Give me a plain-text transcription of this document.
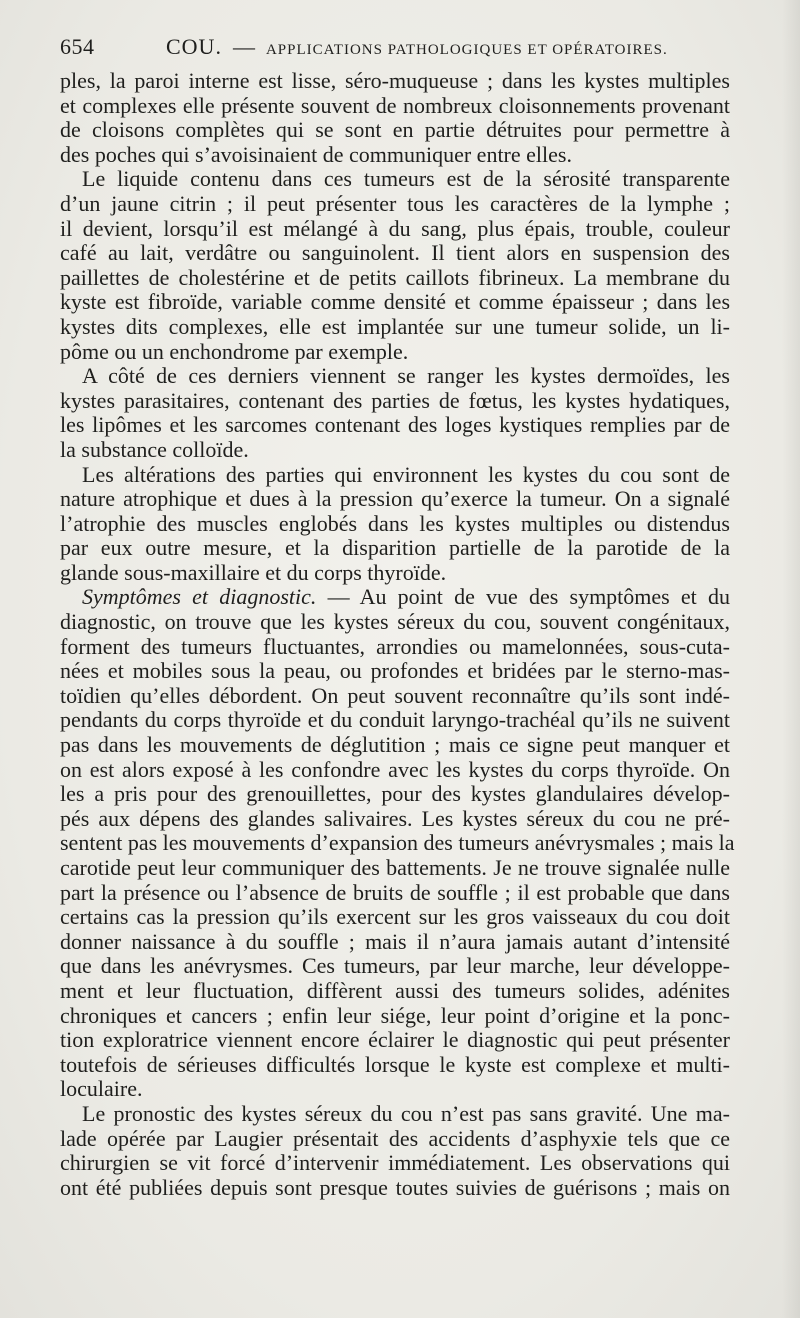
654	COU. — APPLICATIONS PATHOLOGIQUES ET OPÉRATOIRES.
ples, la paroi interne est lisse, séro-muqueuse ; dans les kystes multiples
et complexes elle présente souvent de nombreux cloisonnements provenant
de cloisons complètes qui se sont en partie détruites pour permettre à
des poches qui s’avoisinaient de communiquer entre elles.
Le liquide contenu dans ces tumeurs est de la sérosité transparente
d’un jaune citrin ; il peut présenter tous les caractères de la lymphe ;
il devient, lorsqu’il est mélangé à du sang, plus épais, trouble, couleur
café au lait, verdâtre ou sanguinolent. Il tient alors en suspension des
paillettes de cholestérine et de petits caillots fibrineux. La membrane du
kyste est fibroïde, variable comme densité et comme épaisseur ; dans les
kystes dits complexes, elle est implantée sur une tumeur solide, un li-
pôme ou un enchondrome par exemple.
A côté de ces derniers viennent se ranger les kystes dermoïdes, les
kystes parasitaires, contenant des parties de fœtus, les kystes hydatiques,
les lipômes et les sarcomes contenant des loges kystiques remplies par de
la substance colloïde.
Les altérations des parties qui environnent les kystes du cou sont de
nature atrophique et dues à la pression qu’exerce la tumeur. On a signalé
l’atrophie des muscles englobés dans les kystes multiples ou distendus
par eux outre mesure, et la disparition partielle de la parotide de la
glande sous-maxillaire et du corps thyroïde.
Symptômes et diagnostic. — Au point de vue des symptômes et du
diagnostic, on trouve que les kystes séreux du cou, souvent congénitaux,
forment des tumeurs fluctuantes, arrondies ou mamelonnées, sous-cuta-
nées et mobiles sous la peau, ou profondes et bridées par le sterno-mas-
toïdien qu’elles débordent. On peut souvent reconnaître qu’ils sont indé-
pendants du corps thyroïde et du conduit laryngo-trachéal qu’ils ne suivent
pas dans les mouvements de déglutition ; mais ce signe peut manquer et
on est alors exposé à les confondre avec les kystes du corps thyroïde. On
les a pris pour des grenouillettes, pour des kystes glandulaires dévelop-
pés aux dépens des glandes salivaires. Les kystes séreux du cou ne pré-
sentent pas les mouvements d’expansion des tumeurs anévrysmales ; mais la
carotide peut leur communiquer des battements. Je ne trouve signalée nulle
part la présence ou l’absence de bruits de souffle ; il est probable que dans
certains cas la pression qu’ils exercent sur les gros vaisseaux du cou doit
donner naissance à du souffle ; mais il n’aura jamais autant d’intensité
que dans les anévrysmes. Ces tumeurs, par leur marche, leur développe-
ment et leur fluctuation, diffèrent aussi des tumeurs solides, adénites
chroniques et cancers ; enfin leur siége, leur point d’origine et la ponc-
tion exploratrice viennent encore éclairer le diagnostic qui peut présenter
toutefois de sérieuses difficultés lorsque le kyste est complexe et multi-
loculaire.
Le pronostic des kystes séreux du cou n’est pas sans gravité. Une ma-
lade opérée par Laugier présentait des accidents d’asphyxie tels que ce
chirurgien se vit forcé d’intervenir immédiatement. Les observations qui
ont été publiées depuis sont presque toutes suivies de guérisons ; mais on
